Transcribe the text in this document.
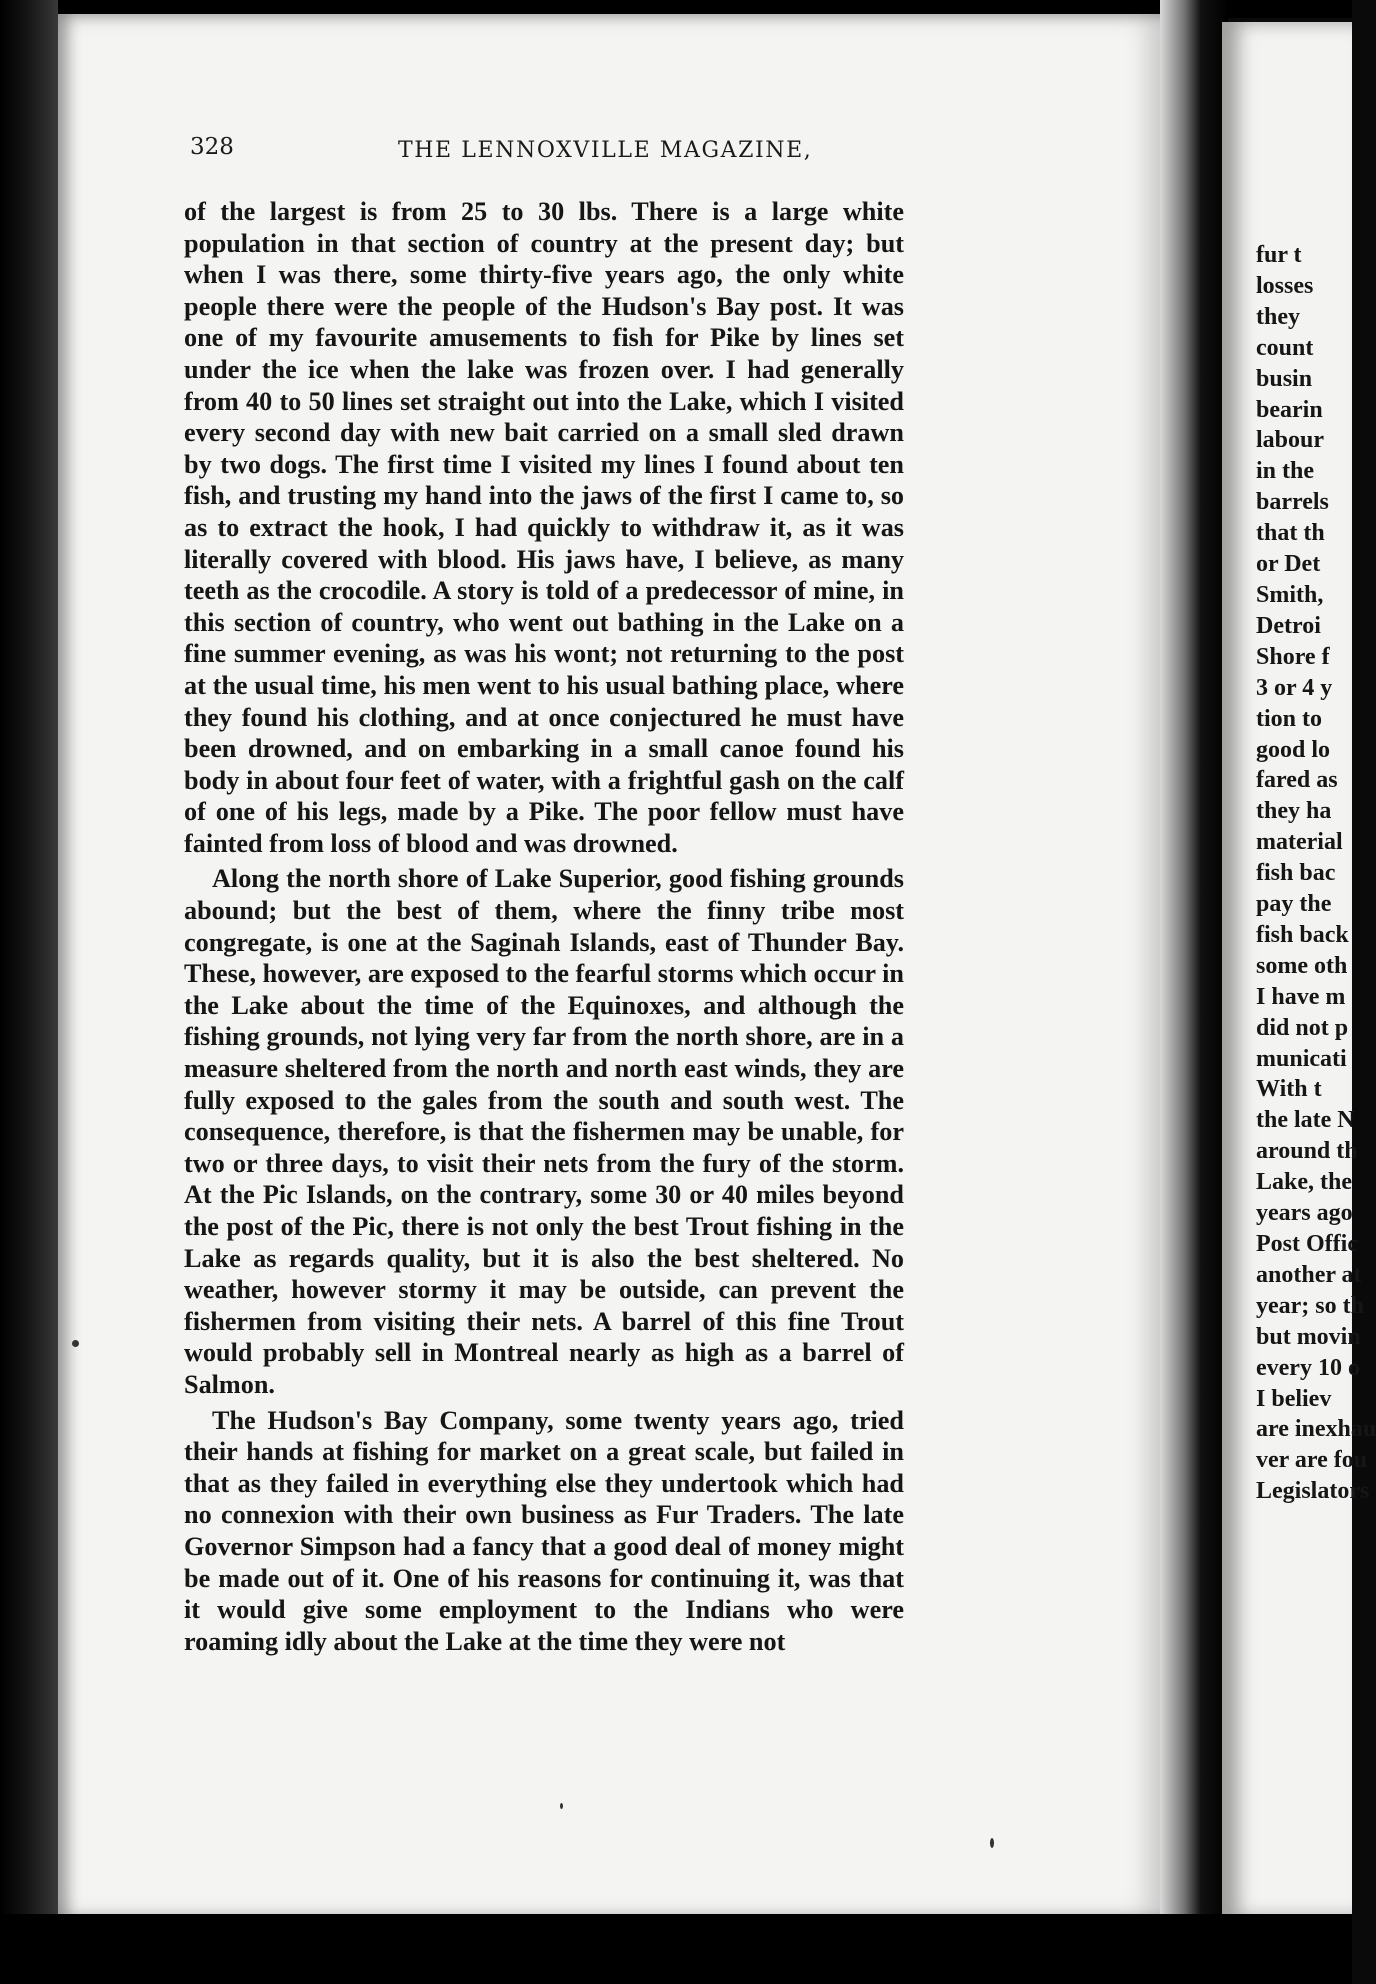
328	THE LENNOXVILLE MAGAZINE,

of the largest is from 25 to 30 lbs. There is a large white population in that section of country at the present day; but when I was there, some thirty-five years ago, the only white people there were the people of the Hudson's Bay post. It was one of my favourite amusements to fish for Pike by lines set under the ice when the lake was frozen over. I had generally from 40 to 50 lines set straight out into the Lake, which I visited every second day with new bait carried on a small sled drawn by two dogs. The first time I visited my lines I found about ten fish, and trusting my hand into the jaws of the first I came to, so as to extract the hook, I had quickly to withdraw it, as it was literally covered with blood. His jaws have, I believe, as many teeth as the crocodile. A story is told of a predecessor of mine, in this section of country, who went out bathing in the Lake on a fine summer evening, as was his wont; not returning to the post at the usual time, his men went to his usual bathing place, where they found his clothing, and at once conjectured he must have been drowned, and on embarking in a small canoe found his body in about four feet of water, with a frightful gash on the calf of one of his legs, made by a Pike. The poor fellow must have fainted from loss of blood and was drowned.

Along the north shore of Lake Superior, good fishing grounds abound; but the best of them, where the finny tribe most congregate, is one at the Saginah Islands, east of Thunder Bay. These, however, are exposed to the fearful storms which occur in the Lake about the time of the Equinoxes, and although the fishing grounds, not lying very far from the north shore, are in a measure sheltered from the north and north east winds, they are fully exposed to the gales from the south and south west. The consequence, therefore, is that the fishermen may be unable, for two or three days, to visit their nets from the fury of the storm. At the Pic Islands, on the contrary, some 30 or 40 miles beyond the post of the Pic, there is not only the best Trout fishing in the Lake as regards quality, but it is also the best sheltered. No weather, however stormy it may be outside, can prevent the fishermen from visiting their nets. A barrel of this fine Trout would probably sell in Montreal nearly as high as a barrel of Salmon.

The Hudson's Bay Company, some twenty years ago, tried their hands at fishing for market on a great scale, but failed in that as they failed in everything else they undertook which had no connexion with their own business as Fur Traders. The late Governor Simpson had a fancy that a good deal of money might be made out of it. One of his reasons for continuing it, was that it would give some employment to the Indians who were roaming idly about the Lake at the time they were not

fur t
losses
they
count
busin
bearin
labour
in the
barrels
that th
or Det
Smith,
Detroi
Shore f
3 or 4 y
tion to
good lo
fared as
they ha
material
fish bac
pay the
fish back
some oth
I have m
did not p
municati
With t
the late N
around th
Lake, the
years ago
Post Offic
another at
year; so th
but movin
every 10 o
I believ
are inexhau
ver are fou
Legislators
